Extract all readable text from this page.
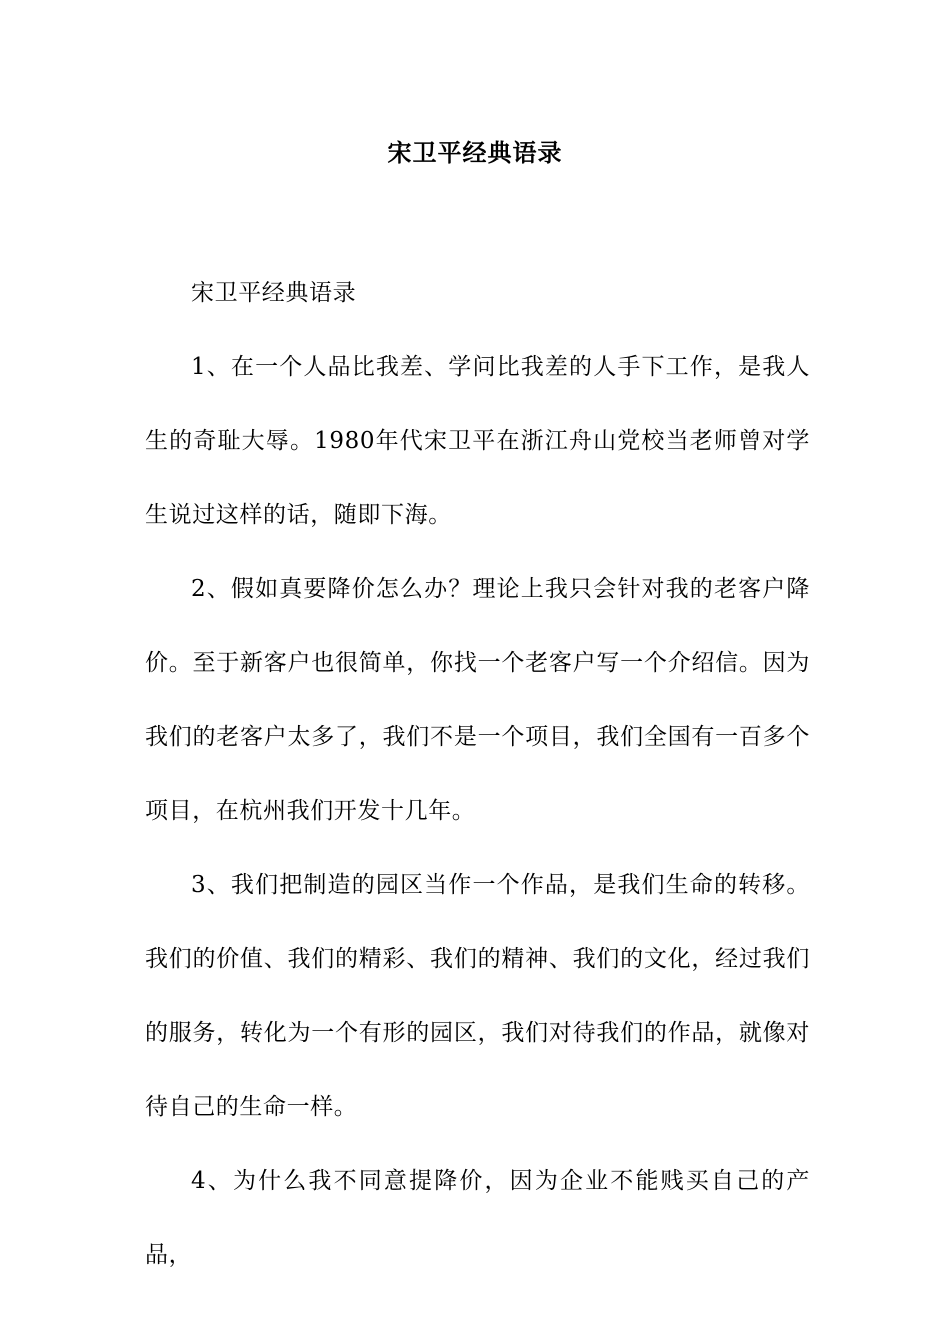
宋卫平经典语录

宋卫平经典语录

1、在一个人品比我差、学问比我差的人手下工作，是我人生的奇耻大辱。1980年代宋卫平在浙江舟山党校当老师曾对学生说过这样的话，随即下海。

2、假如真要降价怎么办？理论上我只会针对我的老客户降价。至于新客户也很简单，你找一个老客户写一个介绍信。因为我们的老客户太多了，我们不是一个项目，我们全国有一百多个项目，在杭州我们开发十几年。

3、我们把制造的园区当作一个作品，是我们生命的转移。我们的价值、我们的精彩、我们的精神、我们的文化，经过我们的服务，转化为一个有形的园区，我们对待我们的作品，就像对待自己的生命一样。

4、为什么我不同意提降价，因为企业不能贱买自己的产品，
